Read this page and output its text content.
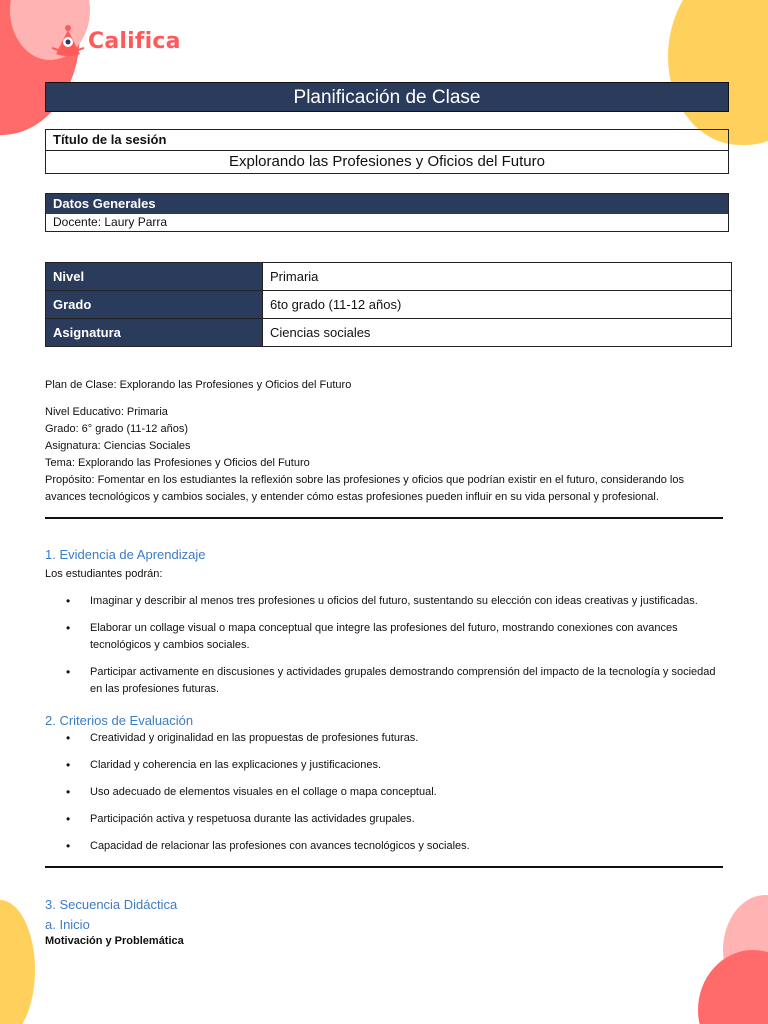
Califica
Planificación de Clase
Título de la sesión
Explorando las Profesiones y Oficios del Futuro
Datos Generales
Docente: Laury Parra
Nivel	Primaria
Grado	6to grado (11-12 años)
Asignatura	Ciencias sociales
Plan de Clase: Explorando las Profesiones y Oficios del Futuro
Nivel Educativo: Primaria
Grado: 6° grado (11-12 años)
Asignatura: Ciencias Sociales
Tema: Explorando las Profesiones y Oficios del Futuro
Propósito: Fomentar en los estudiantes la reflexión sobre las profesiones y oficios que podrían existir en el futuro, considerando los avances tecnológicos y cambios sociales, y entender cómo estas profesiones pueden influir en su vida personal y profesional.
1. Evidencia de Aprendizaje
Los estudiantes podrán:
• Imaginar y describir al menos tres profesiones u oficios del futuro, sustentando su elección con ideas creativas y justificadas.
• Elaborar un collage visual o mapa conceptual que integre las profesiones del futuro, mostrando conexiones con avances tecnológicos y cambios sociales.
• Participar activamente en discusiones y actividades grupales demostrando comprensión del impacto de la tecnología y sociedad en las profesiones futuras.
2. Criterios de Evaluación
• Creatividad y originalidad en las propuestas de profesiones futuras.
• Claridad y coherencia en las explicaciones y justificaciones.
• Uso adecuado de elementos visuales en el collage o mapa conceptual.
• Participación activa y respetuosa durante las actividades grupales.
• Capacidad de relacionar las profesiones con avances tecnológicos y sociales.
3. Secuencia Didáctica
a. Inicio
Motivación y Problemática
